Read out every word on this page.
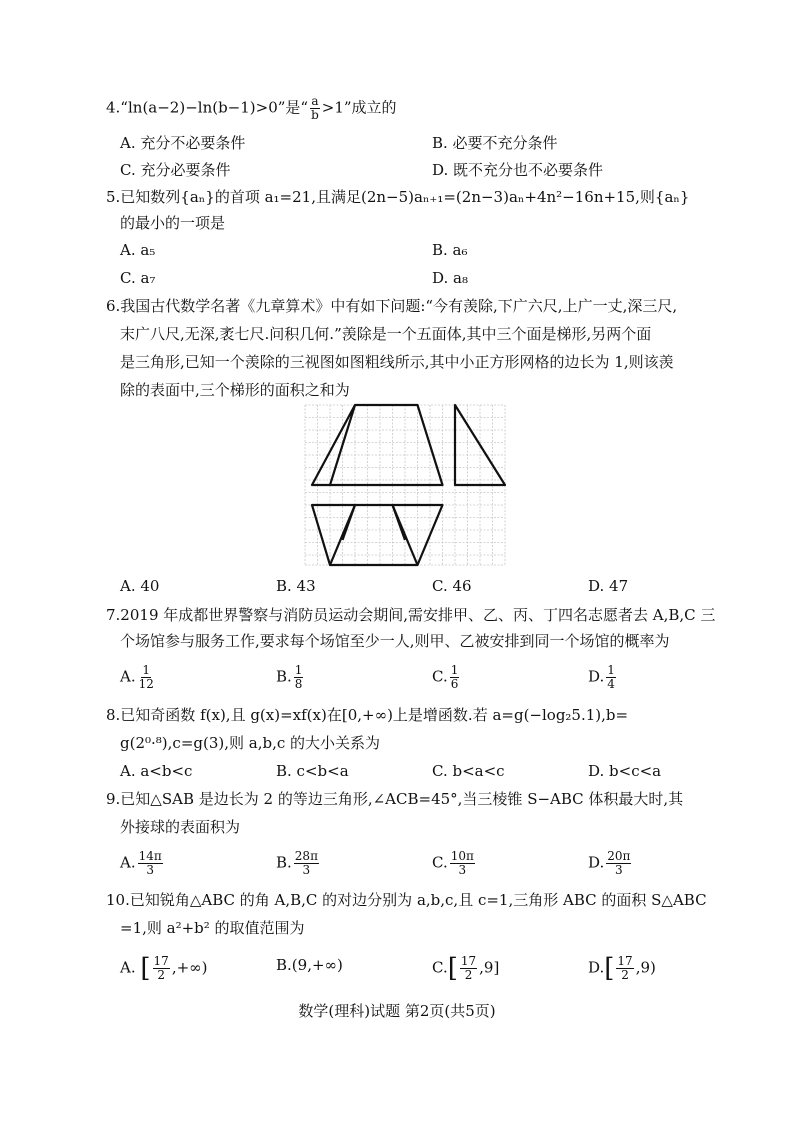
4.“ln(a−2)−ln(b−1)>0”是“ $\frac{a}{b} >1$”成立的
A. 充分不必要条件	B. 必要不充分条件
C. 充分必要条件	D. 既不充分也不必要条件
5.已知数列{aₙ}的首项 a₁=21,且满足(2n−5)aₙ₊₁=(2n−3)aₙ+4n²−16n+15,则{aₙ}
的最小的一项是
A. a₅	B. a₆
C. a₇	D. a₈
6.我国古代数学名著《九章算术》中有如下问题:“今有羡除,下广六尺,上广一丈,深三尺,
末广八尺,无深,袤七尺.问积几何.”羡除是一个五面体,其中三个面是梯形,另两个面
是三角形,已知一个羡除的三视图如图粗线所示,其中小正方形网格的边长为 1,则该羡
除的表面中,三个梯形的面积之和为
A. 40	B. 43	C. 46	D. 47
7.2019 年成都世界警察与消防员运动会期间,需安排甲、乙、丙、丁四名志愿者去 A,B,C 三
个场馆参与服务工作,要求每个场馆至少一人,则甲、乙被安排到同一个场馆的概率为
A. $\frac{1}{12}$	B. $\frac{1}{8}$	C. $\frac{1}{6}$	D. $\frac{1}{4}$
8.已知奇函数 f(x),且 g(x)=xf(x)在[0,+∞)上是增函数.若 a=g(−log₂5.1),b=
g(2⁰·⁸),c=g(3),则 a,b,c 的大小关系为
A. a<b<c	B. c<b<a	C. b<a<c	D. b<c<a
9.已知△SAB 是边长为 2 的等边三角形,∠ACB=45°,当三棱锥 S−ABC 体积最大时,其
外接球的表面积为
A. $\frac{14\pi}{3}$	B. $\frac{28\pi}{3}$	C. $\frac{10\pi}{3}$	D. $\frac{20\pi}{3}$
10.已知锐角△ABC 的角 A,B,C 的对边分别为 a,b,c,且 c=1,三角形 ABC 的面积 S△ABC
=1,则 a²+b² 的取值范围为
A. [ $\frac{17}{2}$ ,+∞)	B.(9,+∞)	$C.[ \frac{17}{2} ,9]$	$D.[ \frac{17}{2} ,9)$
数学(理科)试题 第2页(共5页)
